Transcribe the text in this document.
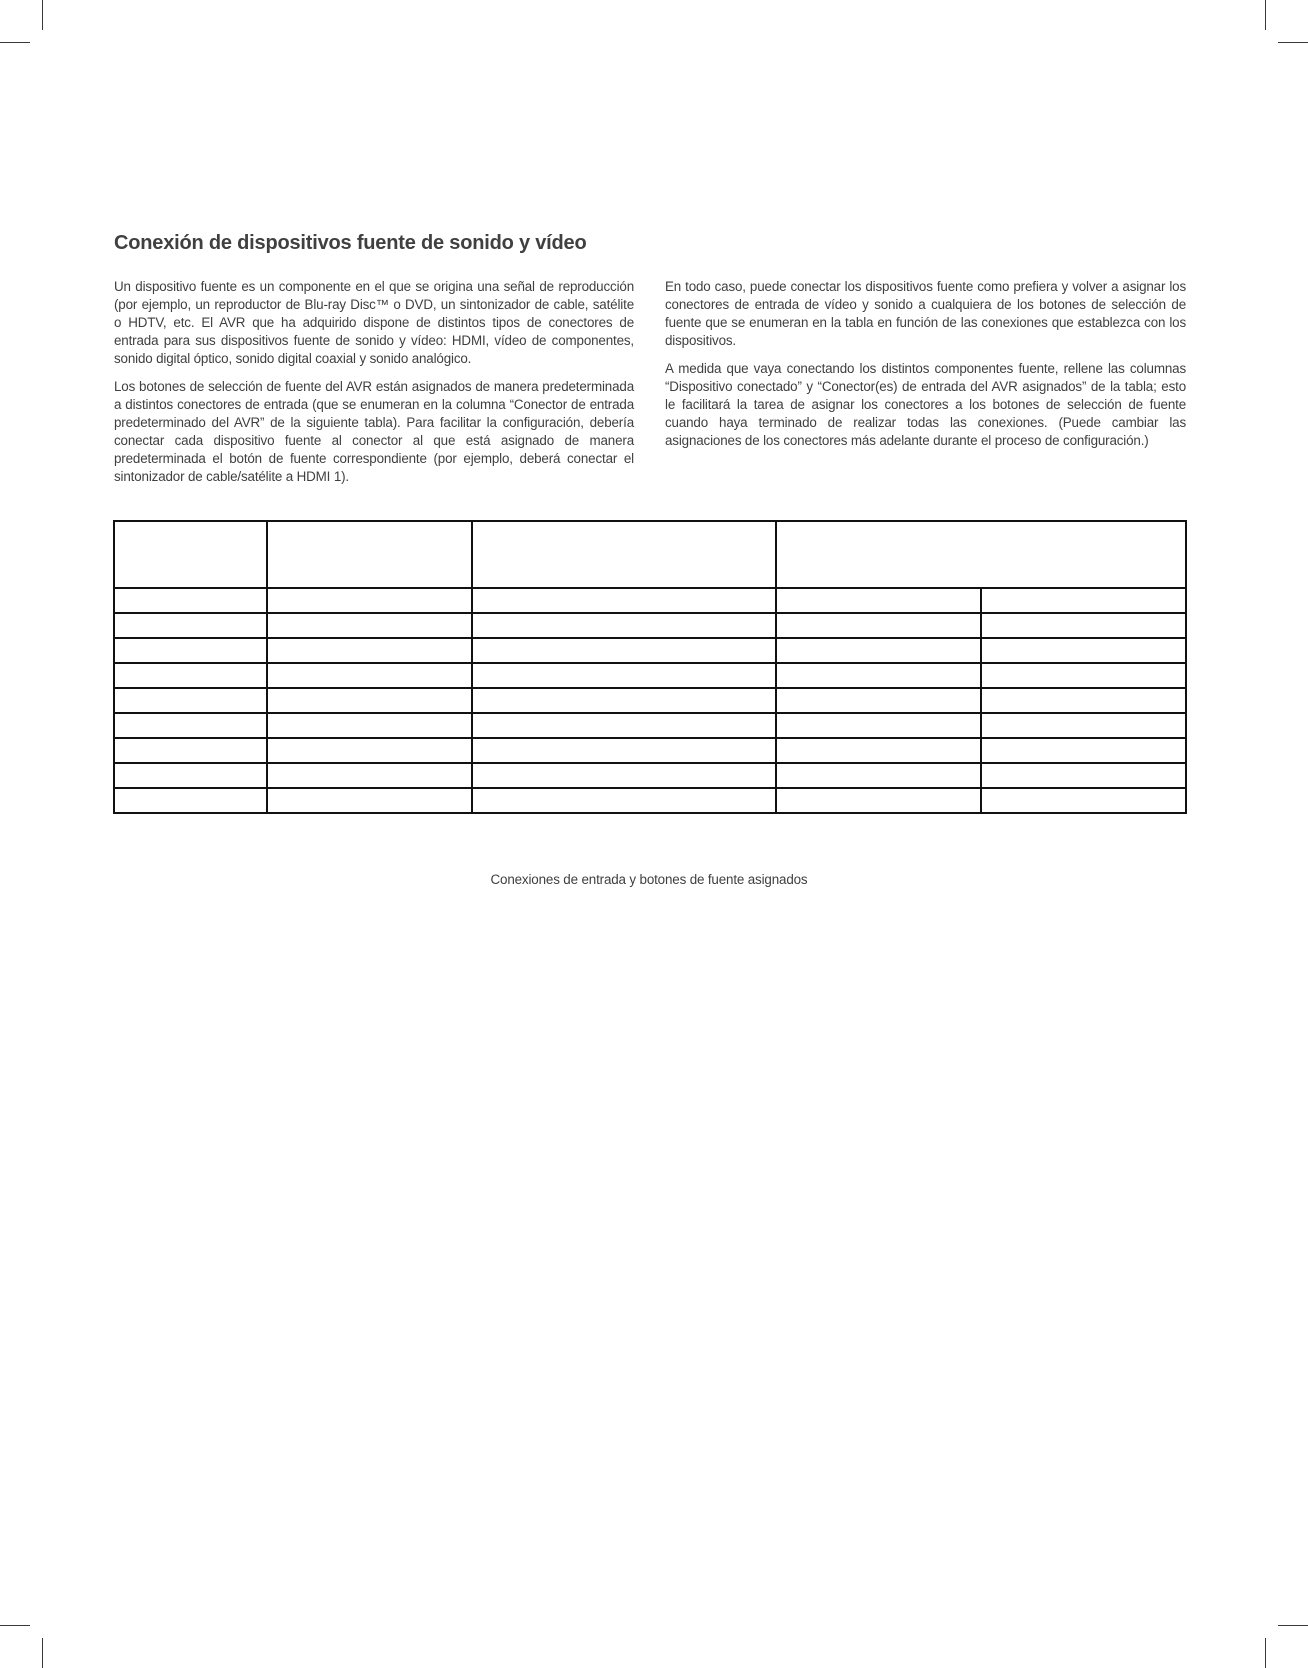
Conexión de dispositivos fuente de sonido y vídeo

Un dispositivo fuente es un componente en el que se origina una señal de reproducción (por ejemplo, un reproductor de Blu-ray Disc™ o DVD, un sintonizador de cable, satélite o HDTV, etc. El AVR que ha adquirido dispone de distintos tipos de conectores de entrada para sus dispositivos fuente de sonido y vídeo: HDMI, vídeo de componentes, sonido digital óptico, sonido digital coaxial y sonido analógico.

Los botones de selección de fuente del AVR están asignados de manera predeterminada a distintos conectores de entrada (que se enumeran en la columna “Conector de entrada predeterminado del AVR” de la siguiente tabla). Para facilitar la configuración, debería conectar cada dispositivo fuente al conector al que está asignado de manera predeterminada el botón de fuente correspondiente (por ejemplo, deberá conectar el sintonizador de cable/satélite a HDMI 1).

En todo caso, puede conectar los dispositivos fuente como prefiera y volver a asignar los conectores de entrada de vídeo y sonido a cualquiera de los botones de selección de fuente que se enumeran en la tabla en función de las conexiones que establezca con los dispositivos.

A medida que vaya conectando los distintos componentes fuente, rellene las columnas “Dispositivo conectado” y “Conector(es) de entrada del AVR asignados” de la tabla; esto le facilitará la tarea de asignar los conectores a los botones de selección de fuente cuando haya terminado de realizar todas las conexiones. (Puede cambiar las asignaciones de los conectores más adelante durante el proceso de configuración.)

Conexiones de entrada y botones de fuente asignados
